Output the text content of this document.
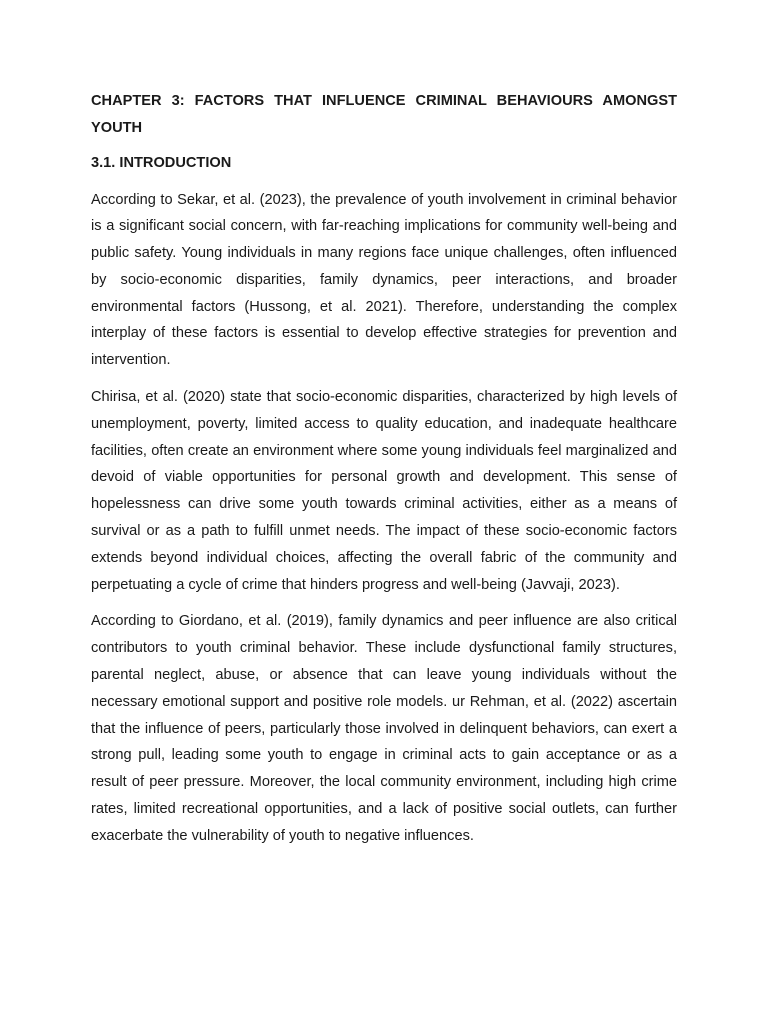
CHAPTER 3: FACTORS THAT INFLUENCE CRIMINAL BEHAVIOURS AMONGST YOUTH
3.1. INTRODUCTION

According to Sekar, et al. (2023), the prevalence of youth involvement in criminal behavior is a significant social concern, with far-reaching implications for community well-being and public safety. Young individuals in many regions face unique challenges, often influenced by socio-economic disparities, family dynamics, peer interactions, and broader environmental factors (Hussong, et al. 2021). Therefore, understanding the complex interplay of these factors is essential to develop effective strategies for prevention and intervention.

Chirisa, et al. (2020) state that socio-economic disparities, characterized by high levels of unemployment, poverty, limited access to quality education, and inadequate healthcare facilities, often create an environment where some young individuals feel marginalized and devoid of viable opportunities for personal growth and development. This sense of hopelessness can drive some youth towards criminal activities, either as a means of survival or as a path to fulfill unmet needs. The impact of these socio-economic factors extends beyond individual choices, affecting the overall fabric of the community and perpetuating a cycle of crime that hinders progress and well-being (Javvaji, 2023).

According to Giordano, et al. (2019), family dynamics and peer influence are also critical contributors to youth criminal behavior. These include dysfunctional family structures, parental neglect, abuse, or absence that can leave young individuals without the necessary emotional support and positive role models. ur Rehman, et al. (2022) ascertain that the influence of peers, particularly those involved in delinquent behaviors, can exert a strong pull, leading some youth to engage in criminal acts to gain acceptance or as a result of peer pressure. Moreover, the local community environment, including high crime rates, limited recreational opportunities, and a lack of positive social outlets, can further exacerbate the vulnerability of youth to negative influences.
